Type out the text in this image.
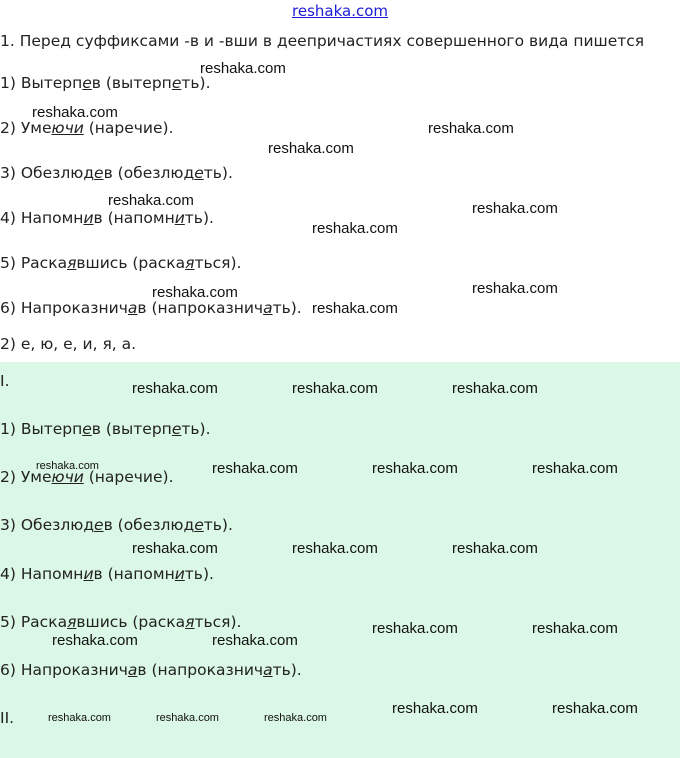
reshaka.com
1. Перед суффиксами -в и -вши в деепричастиях совершенного вида пишется
1) Вытерпев (вытерпеть).
2) Умеючи (наречие).
3) Обезлюдев (обезлюдеть).
4) Напомнив (напомнить).
5) Раскаявшись (раскаяться).
6) Напроказничав (напроказничать).
2) е, ю, е, и, я, а.
I.
1) Вытерпев (вытерпеть).
2) Умеючи (наречие).
3) Обезлюдев (обезлюдеть).
4) Напомнив (напомнить).
5) Раскаявшись (раскаяться).
6) Напроказничав (напроказничать).
II.
reshaka.com
reshaka.com
reshaka.com
reshaka.com
reshaka.com	reshaka.com
reshaka.com
reshaka.com	reshaka.com
reshaka.com
reshaka.com	reshaka.com	reshaka.com
reshaka.com	reshaka.com	reshaka.com	reshaka.com
reshaka.com	reshaka.com	reshaka.com
reshaka.com	reshaka.com
reshaka.com	reshaka.com
reshaka.com	reshaka.com
reshaka.com	reshaka.com	reshaka.com
